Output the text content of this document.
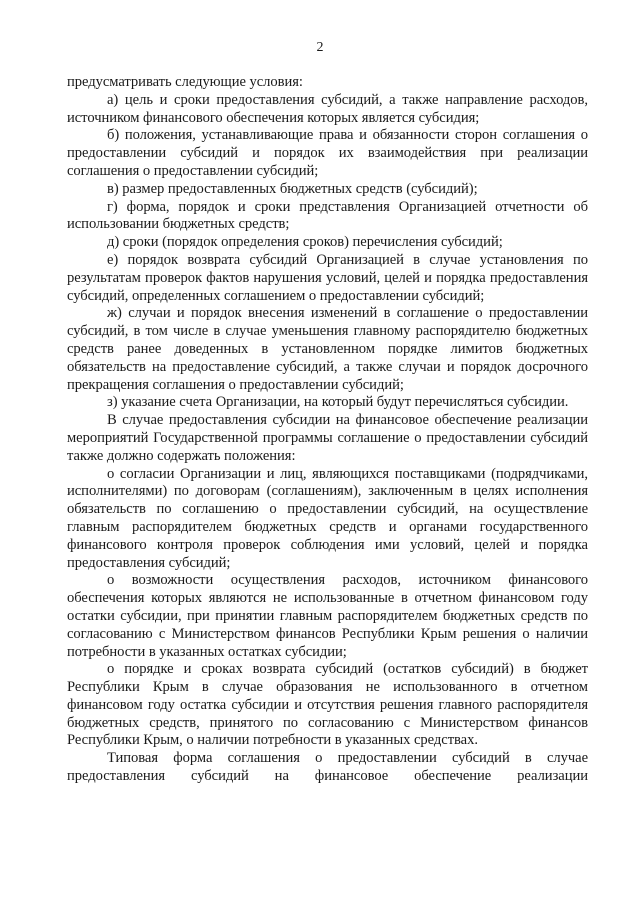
2

предусматривать следующие условия:

а) цель и сроки предоставления субсидий, а также направление расходов, источником финансового обеспечения которых является субсидия;

б) положения, устанавливающие права и обязанности сторон соглашения о предоставлении субсидий и порядок их взаимодействия при реализации соглашения о предоставлении субсидий;

в) размер предоставленных бюджетных средств (субсидий);

г) форма, порядок и сроки представления Организацией отчетности об использовании бюджетных средств;

д) сроки (порядок определения сроков) перечисления субсидий;

е) порядок возврата субсидий Организацией в случае установления по результатам проверок фактов нарушения условий, целей и порядка предоставления субсидий, определенных соглашением о предоставлении субсидий;

ж) случаи и порядок внесения изменений в соглашение о предоставлении субсидий, в том числе в случае уменьшения главному распорядителю бюджетных средств ранее доведенных в установленном порядке лимитов бюджетных обязательств на предоставление субсидий, а также случаи и порядок досрочного прекращения соглашения о предоставлении субсидий;

з) указание счета Организации, на который будут перечисляться субсидии.

В случае предоставления субсидии на финансовое обеспечение реализации мероприятий Государственной программы соглашение о предоставлении субсидий также должно содержать положения:

о согласии Организации и лиц, являющихся поставщиками (подрядчиками, исполнителями) по договорам (соглашениям), заключенным в целях исполнения обязательств по соглашению о предоставлении субсидий, на осуществление главным распорядителем бюджетных средств и органами государственного финансового контроля проверок соблюдения ими условий, целей и порядка предоставления субсидий;

о возможности осуществления расходов, источником финансового обеспечения которых являются не использованные в отчетном финансовом году остатки субсидии, при принятии главным распорядителем бюджетных средств по согласованию с Министерством финансов Республики Крым решения о наличии потребности в указанных остатках субсидии;

о порядке и сроках возврата субсидий (остатков субсидий) в бюджет Республики Крым в случае образования не использованного в отчетном финансовом году остатка субсидии и отсутствия решения главного распорядителя бюджетных средств, принятого по согласованию с Министерством финансов Республики Крым, о наличии потребности в указанных средствах.

Типовая форма соглашения о предоставлении субсидий в случае предоставления субсидий на финансовое обеспечение реализации
